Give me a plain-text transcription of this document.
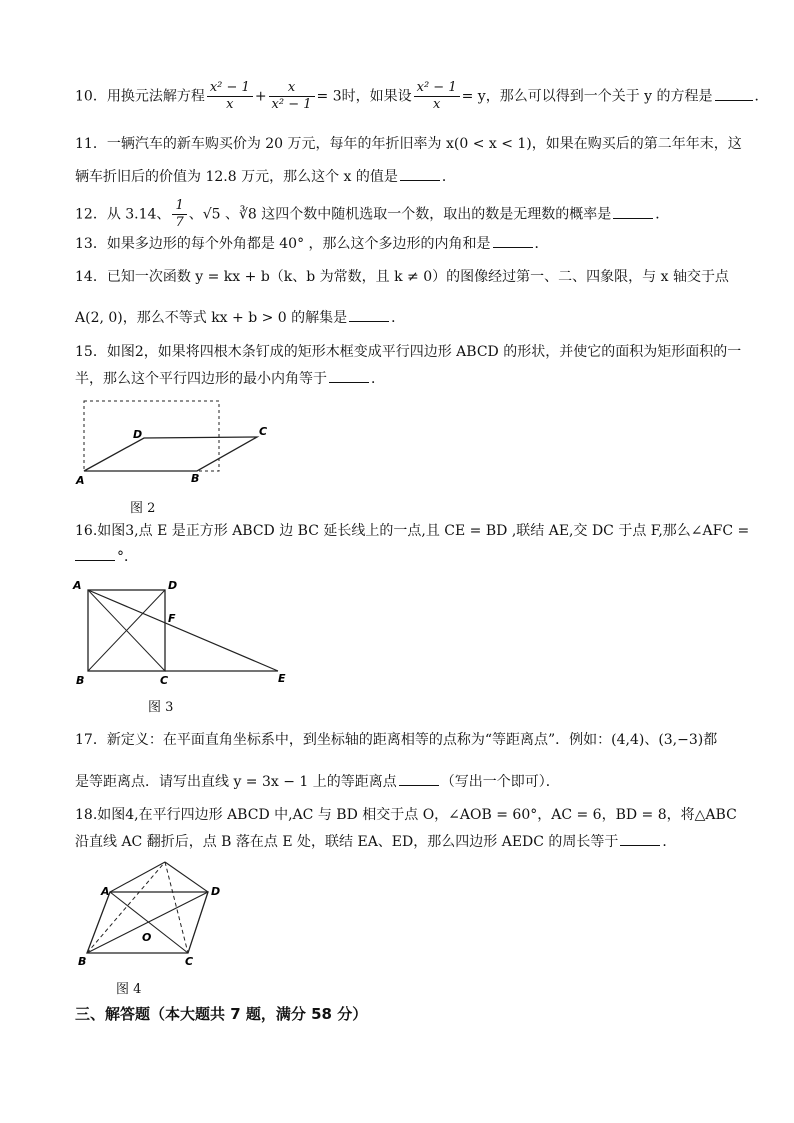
10．用换元法解方程 $\frac{\text{x² − 1}}{x} + \frac{x}{\text{x² − 1}} = 3$时，如果设 $\frac{\text{x² − 1}}{x} = y$，那么可以得到一个关于 y 的方程是	．
11．一辆汽车的新车购买价为 20 万元，每年的年折旧率为 x(0 < x < 1)，如果在购买后的第二年年末，这
辆车折旧后的价值为 12.8 万元，那么这个 x 的值是	．
12．从 3.14、 $\frac{1}{7}$ 、√5 、∛8 这四个数中随机选取一个数，取出的数是无理数的概率是	．
13．如果多边形的每个外角都是 40° ，那么这个多边形的内角和是	．
14．已知一次函数 y = kx + b（k、b 为常数，且 k ≠ 0）的图像经过第一、二、四象限，与 x 轴交于点
A(2, 0)，那么不等式 kx + b > 0 的解集是	．
15．如图2，如果将四根木条钉成的矩形木框变成平行四边形 ABCD 的形状，并使它的面积为矩形面积的一
半，那么这个平行四边形的最小内角等于	．
A	B
C
D
图 2
16.如图3,点 E 是正方形 ABCD 边 BC 延长线上的一点,且 CE = BD ,联结 AE,交 DC 于点 F,那么∠AFC =
°．
A	D
F
B	C	E
图 3
17．新定义：在平面直角坐标系中，到坐标轴的距离相等的点称为“等距离点”．例如：(4,4)、(3,−3)都
是等距离点．请写出直线 y = 3x − 1 上的等距离点	（写出一个即可）．
18.如图4,在平行四边形 ABCD 中,AC 与 BD 相交于点 O，∠AOB = 60°，AC = 6，BD = 8，将△ABC
沿直线 AC 翻折后，点 B 落在点 E 处，联结 EA、ED，那么四边形 AEDC 的周长等于	．
A	D
O
B	C
图 4
三、解答题（本大题共 7 题，满分 58 分）
